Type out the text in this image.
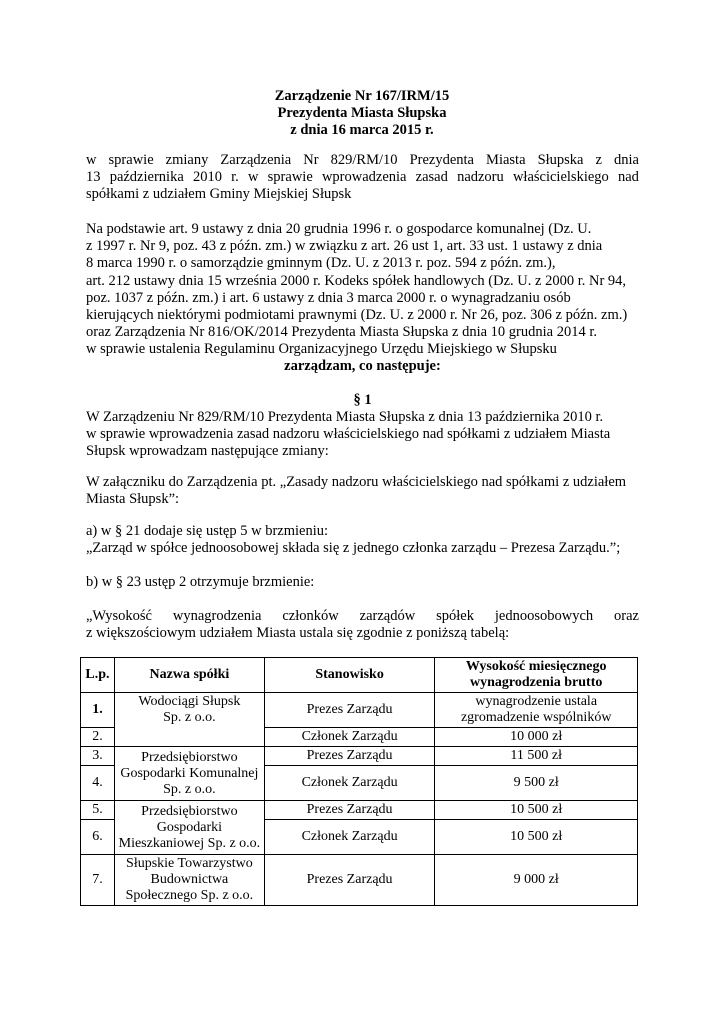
Zarządzenie Nr 167/IRM/15
Prezydenta Miasta Słupska
z dnia 16 marca 2015 r.
w sprawie zmiany Zarządzenia Nr 829/RM/10 Prezydenta Miasta Słupska z dnia
13 października 2010 r. w sprawie wprowadzenia zasad nadzoru właścicielskiego nad
spółkami z udziałem Gminy Miejskiej Słupsk
Na podstawie art. 9 ustawy z dnia 20 grudnia 1996 r. o gospodarce komunalnej (Dz. U.
z 1997 r. Nr 9, poz. 43 z późn. zm.) w związku z art. 26 ust 1, art. 33 ust. 1 ustawy z dnia
8 marca 1990 r. o samorządzie gminnym (Dz. U. z 2013 r. poz. 594 z późn. zm.),
art. 212 ustawy dnia 15 września 2000 r. Kodeks spółek handlowych (Dz. U. z 2000 r. Nr 94,
poz. 1037 z późn. zm.) i art. 6 ustawy z dnia 3 marca 2000 r. o wynagradzaniu osób
kierujących niektórymi podmiotami prawnymi (Dz. U. z 2000 r. Nr 26, poz. 306 z późn. zm.)
oraz Zarządzenia Nr 816/OK/2014 Prezydenta Miasta Słupska z dnia 10 grudnia 2014 r.
w sprawie ustalenia Regulaminu Organizacyjnego Urzędu Miejskiego w Słupsku
zarządzam, co następuje:
§ 1
W Zarządzeniu Nr 829/RM/10 Prezydenta Miasta Słupska z dnia 13 października 2010 r.
w sprawie wprowadzenia zasad nadzoru właścicielskiego nad spółkami z udziałem Miasta
Słupsk wprowadzam następujące zmiany:
W załączniku do Zarządzenia pt. „Zasady nadzoru właścicielskiego nad spółkami z udziałem
Miasta Słupsk”:
a) w § 21 dodaje się ustęp 5 w brzmieniu:
„Zarząd w spółce jednoosobowej składa się z jednego członka zarządu – Prezesa Zarządu.”;
b) w § 23 ustęp 2 otrzymuje brzmienie:
„Wysokość wynagrodzenia członków zarządów spółek jednoosobowych oraz
z większościowym udziałem Miasta ustala się zgodnie z poniższą tabelą:
L.p.	Nazwa spółki	Stanowisko	Wysokość miesięcznego
wynagrodzenia brutto

1.	Wodociągi Słupsk
Sp. z o.o.	Prezes Zarządu	wynagrodzenie ustala
zgromadzenie wspólników

2.		Członek Zarządu	10 000 zł
3.	Przedsiębiorstwo
Gospodarki Komunalnej
Sp. z o.o.	Prezes Zarządu	11 500 zł
4.		Członek Zarządu	9 500 zł
5.	Przedsiębiorstwo
Gospodarki
Mieszkaniowej Sp. z o.o.	Prezes Zarządu	10 500 zł
6.		Członek Zarządu	10 500 zł
7.	Słupskie Towarzystwo
Budownictwa
Społecznego Sp. z o.o.	Prezes Zarządu	9 000 zł
